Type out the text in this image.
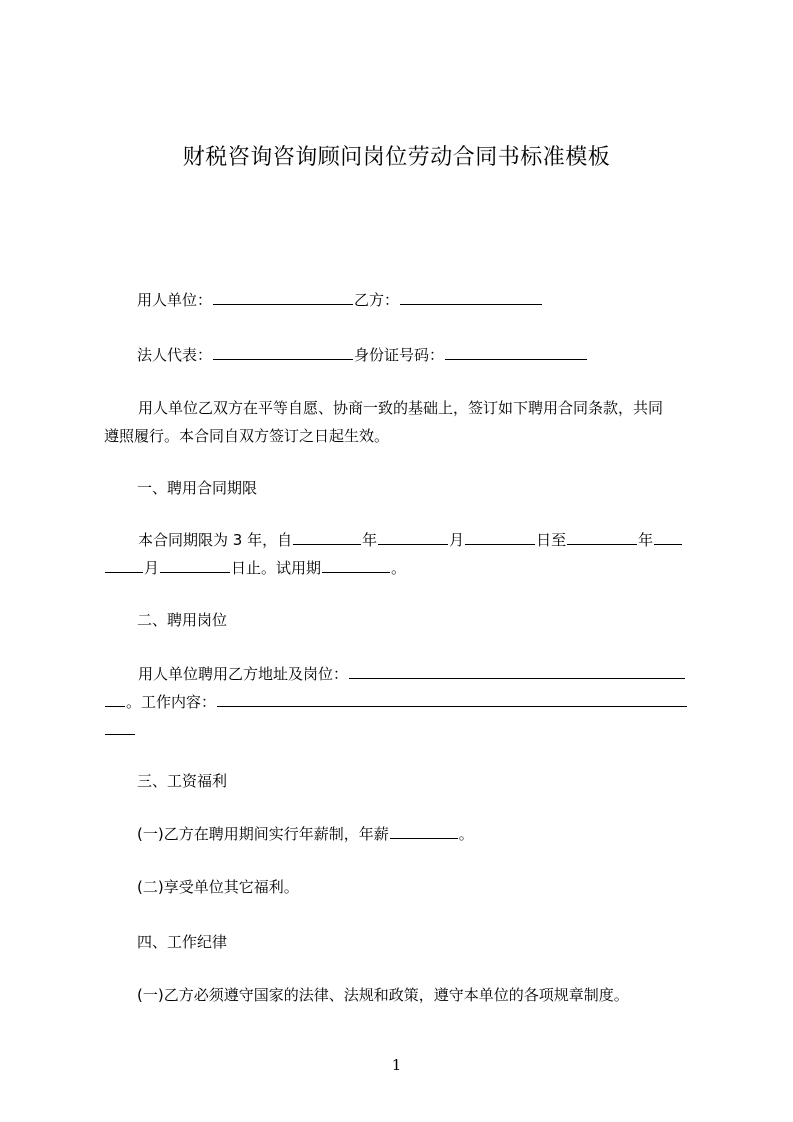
财税咨询咨询顾问岗位劳动合同书标准模板
用人单位：	乙方：
法人代表：	身份证号码：
用人单位乙双方在平等自愿、协商一致的基础上，签订如下聘用合同条款，共同
遵照履行。本合同自双方签订之日起生效。
一、聘用合同期限
本合同期限为 3 年，自	年	月	日至	年
月	日止。试用期	。
二、聘用岗位
用人单位聘用乙方地址及岗位：
。工作内容：

三、工资福利
(一)乙方在聘用期间实行年薪制，年薪	。
(二)享受单位其它福利。
四、工作纪律
(一)乙方必须遵守国家的法律、法规和政策，遵守本单位的各项规章制度。
1
